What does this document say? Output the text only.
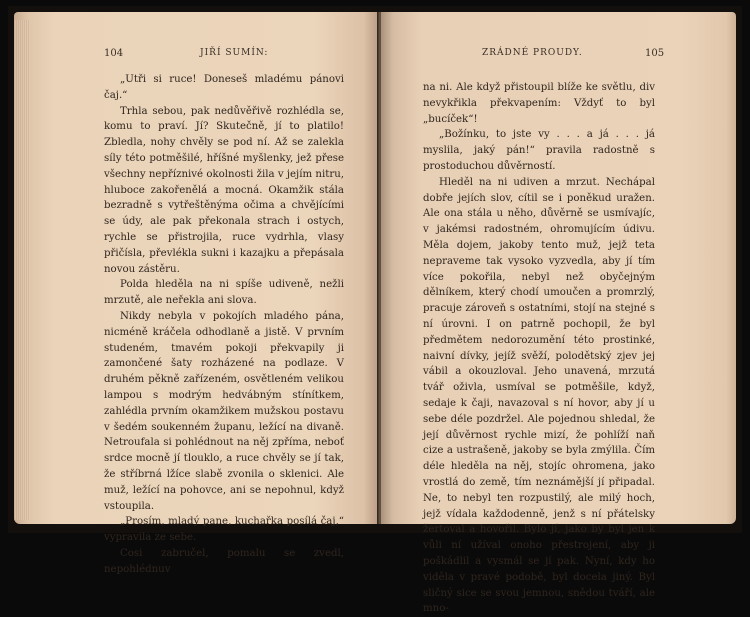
104	JIŘÍ SUMÍN:	ZRÁDNÉ PROUDY.	105

„Utři si ruce! Doneseš mladému pánovi čaj.“

Trhla sebou, pak nedůvěřivě rozhlédla se, komu to praví. Jí? Skutečně, jí to platilo! Zbledla, nohy chvěly se pod ní. Až se zalekla síly této potměšilé, hříšné myšlenky, jež přese všechny nepříznivé okolnosti žila v jejím nitru, hluboce zakořenělá a mocná. Okamžik stála bezradně s vytřeštěnýma očima a chvějícími se údy, ale pak překonala strach i ostych, rychle se přistrojila, ruce vydrhla, vlasy přičísla, převlékla sukni i kazajku a přepásala novou zástěru.

Polda hleděla na ni spíše udiveně, nežli mrzutě, ale neřekla ani slova.

Nikdy nebyla v pokojích mladého pána, nicméně kráčela odhodlaně a jistě. V prvním studeném, tmavém pokoji překvapily ji zamončené šaty rozházené na podlaze. V druhém pěkně zařízeném, osvětleném velikou lampou s modrým hedvábným stínítkem, zahlédla prvním okamžikem mužskou postavu v šedém soukenném županu, ležící na divaně. Netroufala si pohlédnout na něj zpříma, neboť srdce mocně jí tlouklo, a ruce chvěly se jí tak, že stříbrná lžíce slabě zvonila o sklenici. Ale muž, ležící na pohovce, ani se nepohnul, když vstoupila.

„Prosím, mladý pane, kuchařka posílá čaj,“ vypravila ze sebe.

Cosi zabručel, pomalu se zvedl, nepohlédnuv

na ni. Ale když přistoupil blíže ke světlu, div nevykřikla překvapením: Vždyť to byl „bucíček“!

„Božínku, to jste vy . . . a já . . . já myslila, jaký pán!“ pravila radostně s prostoduchou důvěrností.

Hleděl na ni udiven a mrzut. Nechápal dobře jejích slov, cítil se i poněkud uražen. Ale ona stála u něho, důvěrně se usmívajíc, v jakémsi radostném, ohromujícím údivu. Měla dojem, jakoby tento muž, jejž teta nepraveme tak vysoko vyzvedla, aby jí tím více pokořila, nebyl než obyčejným dělníkem, který chodí umoučen a promrzlý, pracuje zároveň s ostatními, stojí na stejné s ní úrovni. I on patrně pochopil, že byl předmětem nedorozumění této prostinké, naivní dívky, jejíž svěží, polodětský zjev jej vábil a okouzloval. Jeho unavená, mrzutá tvář oživla, usmíval se potměšile, když, sedaje k čaji, navazoval s ní hovor, aby jí u sebe déle pozdržel. Ale pojednou shledal, že její důvěrnost rychle mizí, že pohlíží naň cize a ustrašeně, jakoby se byla zmýlila. Čím déle hleděla na něj, stojíc ohromena, jako vrostlá do země, tím neznámější jí připadal. Ne, to nebyl ten rozpustilý, ale milý hoch, jejž vídala každodenně, jenž s ní přátelsky žertoval a hovořil. Bylo jí, jako by byl jen k vůli ní užíval onoho přestrojení, aby ji poškádlil a vysmál se jí pak. Nyní, kdy ho viděla v pravé podobě, byl docela jiný. Byl sličný sice se svou jemnou, snědou tváří, ale mno-
